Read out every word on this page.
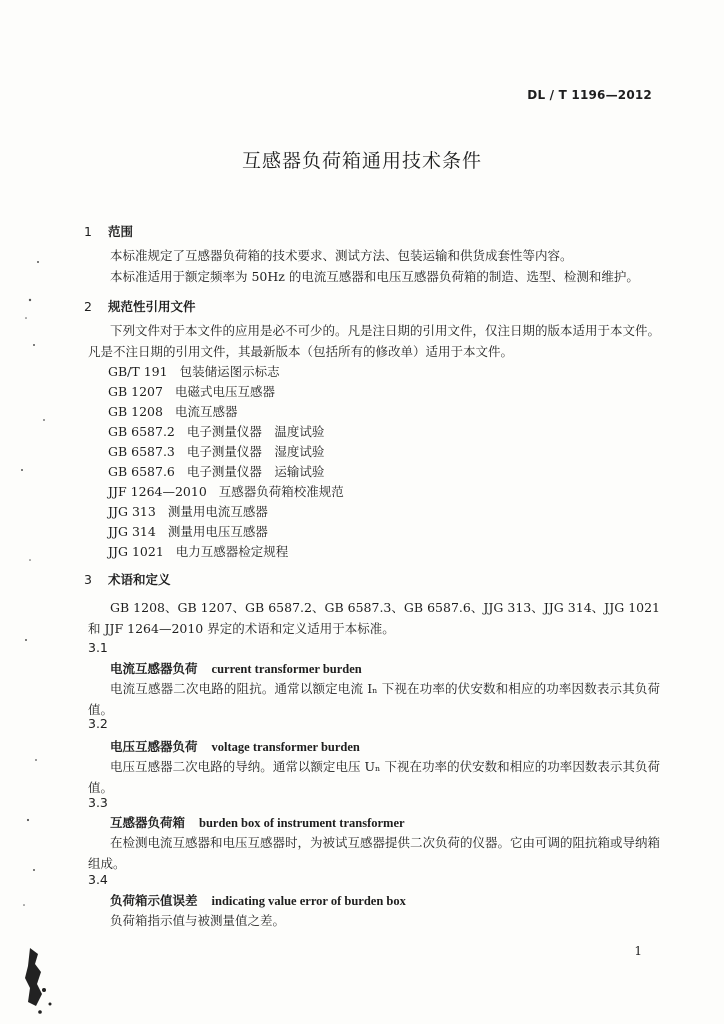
DL / T 1196—2012
互感器负荷箱通用技术条件
1 范围
本标准规定了互感器负荷箱的技术要求、测试方法、包装运输和供货成套性等内容。
本标准适用于额定频率为 50Hz 的电流互感器和电压互感器负荷箱的制造、选型、检测和维护。
2 规范性引用文件
下列文件对于本文件的应用是必不可少的。凡是注日期的引用文件，仅注日期的版本适用于本文件。凡是不注日期的引用文件，其最新版本（包括所有的修改单）适用于本文件。
GB/T 191 包装储运图示标志
GB 1207 电磁式电压互感器
GB 1208 电流互感器
GB 6587.2 电子测量仪器　温度试验
GB 6587.3 电子测量仪器　湿度试验
GB 6587.6 电子测量仪器　运输试验
JJF 1264—2010 互感器负荷箱校准规范
JJG 313 测量用电流互感器
JJG 314 测量用电压互感器
JJG 1021 电力互感器检定规程
3 术语和定义
GB 1208、GB 1207、GB 6587.2、GB 6587.3、GB 6587.6、JJG 313、JJG 314、JJG 1021 和 JJF 1264—2010 界定的术语和定义适用于本标准。
3.1
电流互感器负荷 current transformer burden
电流互感器二次电路的阻抗。通常以额定电流 Iₙ 下视在功率的伏安数和相应的功率因数表示其负荷值。
3.2
电压互感器负荷 voltage transformer burden
电压互感器二次电路的导纳。通常以额定电压 Uₙ 下视在功率的伏安数和相应的功率因数表示其负荷值。
3.3
互感器负荷箱 burden box of instrument transformer
在检测电流互感器和电压互感器时，为被试互感器提供二次负荷的仪器。它由可调的阻抗箱或导纳箱组成。
3.4
负荷箱示值误差 indicating value error of burden box
负荷箱指示值与被测量值之差。
1
